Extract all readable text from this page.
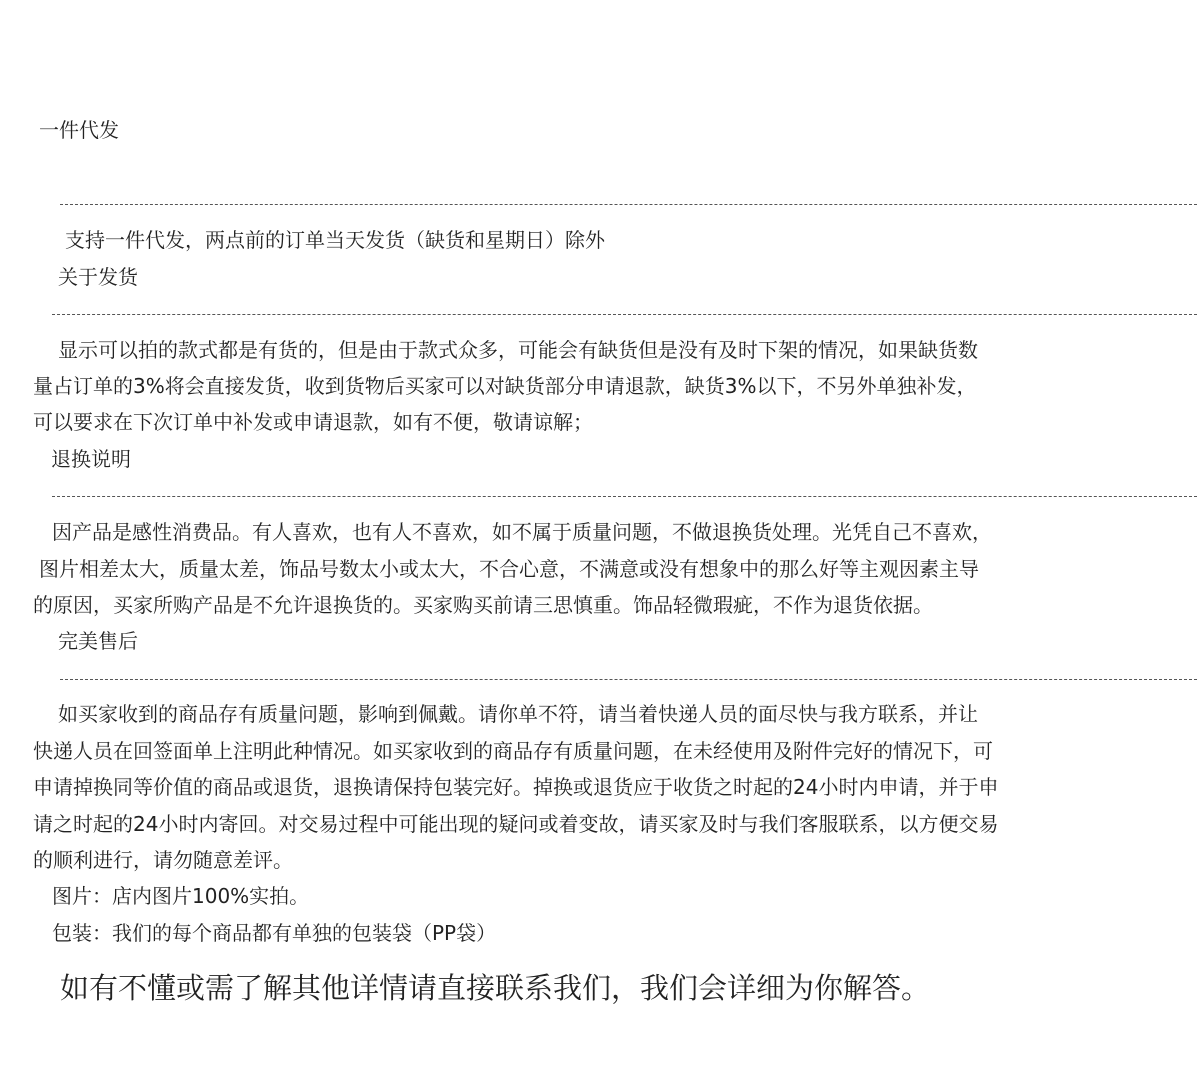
一件代发
支持一件代发，两点前的订单当天发货（缺货和星期日）除外
关于发货
显示可以拍的款式都是有货的，但是由于款式众多，可能会有缺货但是没有及时下架的情况，如果缺货数
量占订单的3%将会直接发货，收到货物后买家可以对缺货部分申请退款，缺货3%以下，不另外单独补发，
可以要求在下次订单中补发或申请退款，如有不便，敬请谅解；
退换说明
因产品是感性消费品。有人喜欢，也有人不喜欢，如不属于质量问题，不做退换货处理。光凭自己不喜欢，
图片相差太大，质量太差，饰品号数太小或太大，不合心意，不满意或没有想象中的那么好等主观因素主导
的原因，买家所购产品是不允许退换货的。买家购买前请三思慎重。饰品轻微瑕疵，不作为退货依据。
完美售后
如买家收到的商品存有质量问题，影响到佩戴。请你单不符，请当着快递人员的面尽快与我方联系，并让
快递人员在回签面单上注明此种情况。如买家收到的商品存有质量问题，在未经使用及附件完好的情况下，可
申请掉换同等价值的商品或退货，退换请保持包装完好。掉换或退货应于收货之时起的24小时内申请，并于申
请之时起的24小时内寄回。对交易过程中可能出现的疑问或着变故，请买家及时与我们客服联系，以方便交易
的顺利进行，请勿随意差评。
图片：店内图片100%实拍。
包装：我们的每个商品都有单独的包装袋（PP袋）
如有不懂或需了解其他详情请直接联系我们，我们会详细为你解答。
